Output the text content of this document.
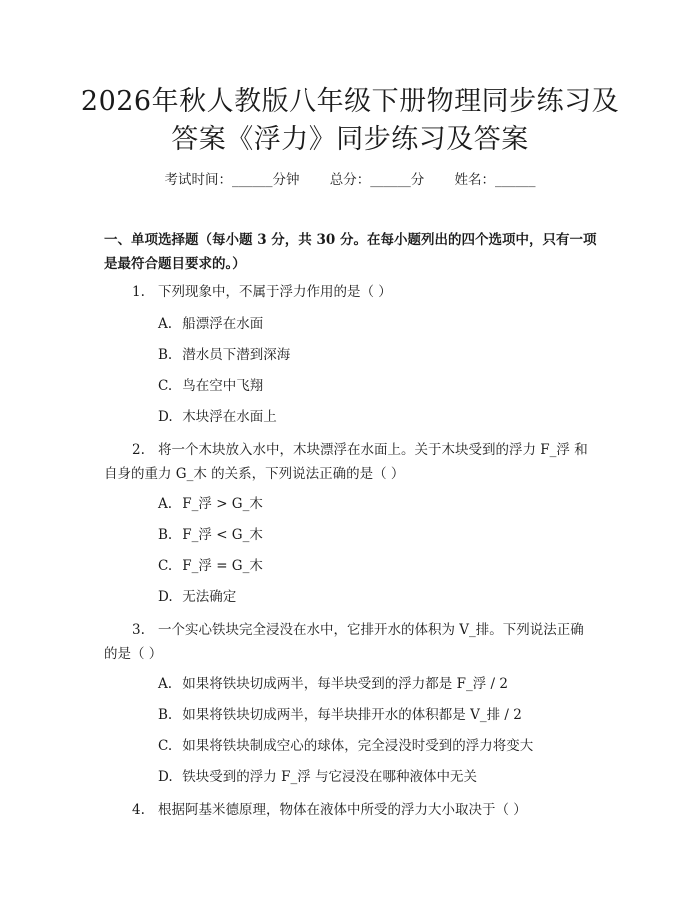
2026年秋人教版八年级下册物理同步练习及
答案《浮力》同步练习及答案
考试时间：______分钟 总分：______分 姓名：______
一、单项选择题（每小题 3 分，共 30 分。在每小题列出的四个选项中，只有一项
是最符合题目要求的。）
1. 下列现象中，不属于浮力作用的是（ ）
A. 船漂浮在水面
B. 潜水员下潜到深海
C. 鸟在空中飞翔
D. 木块浮在水面上
2. 将一个木块放入水中，木块漂浮在水面上。关于木块受到的浮力 F_浮 和
自身的重力 G_木 的关系，下列说法正确的是（ ）
A. F_浮 > G_木
B. F_浮 < G_木
C. F_浮 = G_木
D. 无法确定
3. 一个实心铁块完全浸没在水中，它排开水的体积为 V_排。下列说法正确
的是（ ）
A. 如果将铁块切成两半，每半块受到的浮力都是 F_浮 / 2
B. 如果将铁块切成两半，每半块排开水的体积都是 V_排 / 2
C. 如果将铁块制成空心的球体，完全浸没时受到的浮力将变大
D. 铁块受到的浮力 F_浮 与它浸没在哪种液体中无关
4. 根据阿基米德原理，物体在液体中所受的浮力大小取决于（ ）
